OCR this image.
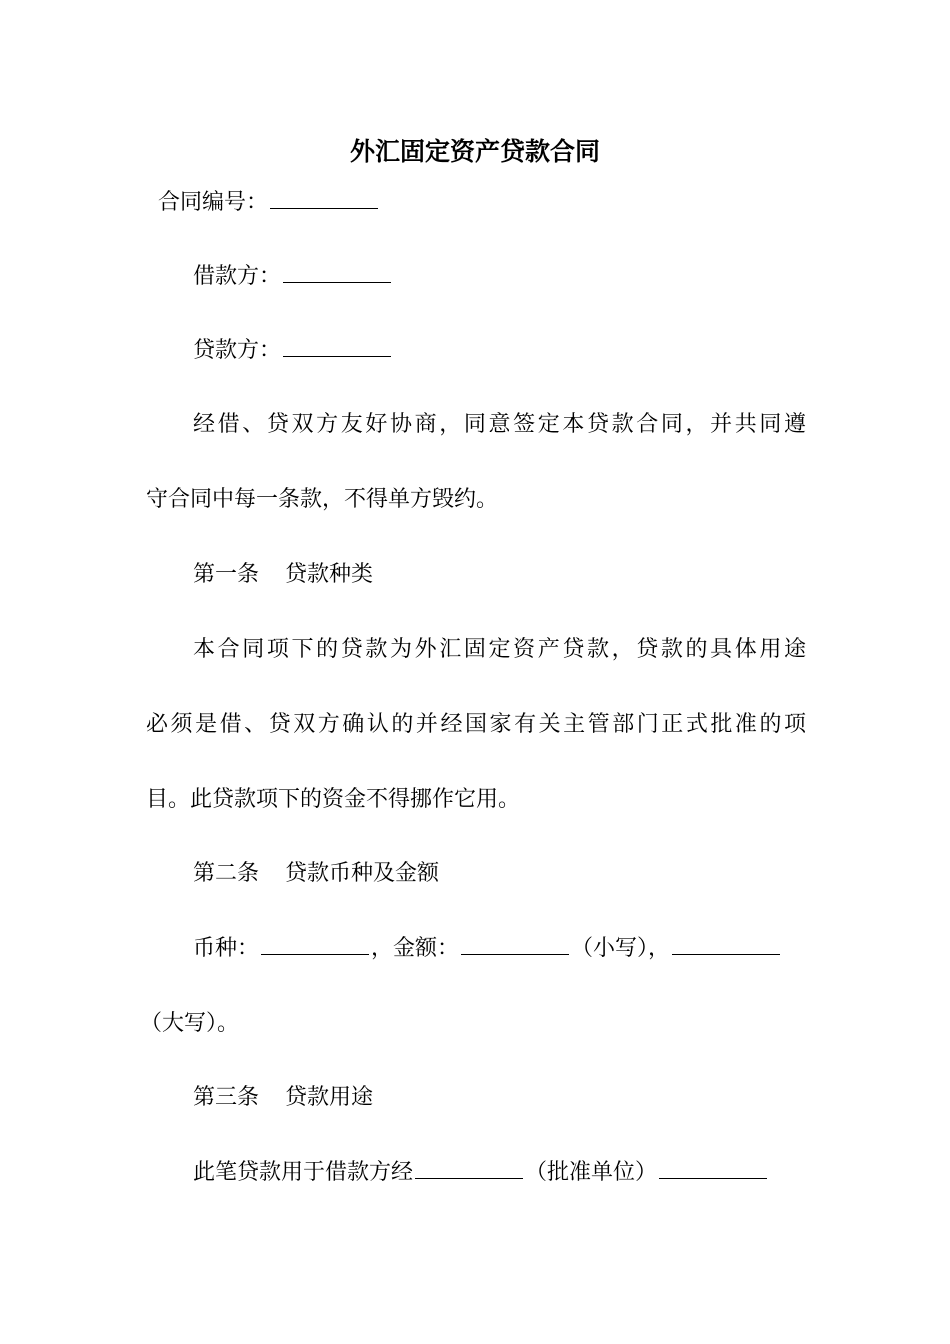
外汇固定资产贷款合同
合同编号：
借款方：
贷款方：
经借、贷双方友好协商，同意签定本贷款合同，并共同遵
守合同中每一条款，不得单方毁约。
第一条 贷款种类
本合同项下的贷款为外汇固定资产贷款，贷款的具体用途
必须是借、贷双方确认的并经国家有关主管部门正式批准的项
目。此贷款项下的资金不得挪作它用。
第二条 贷款币种及金额
币种：	，金额：	（小写），
（大写）。
第三条 贷款用途
此笔贷款用于借款方经	（批准单位）
